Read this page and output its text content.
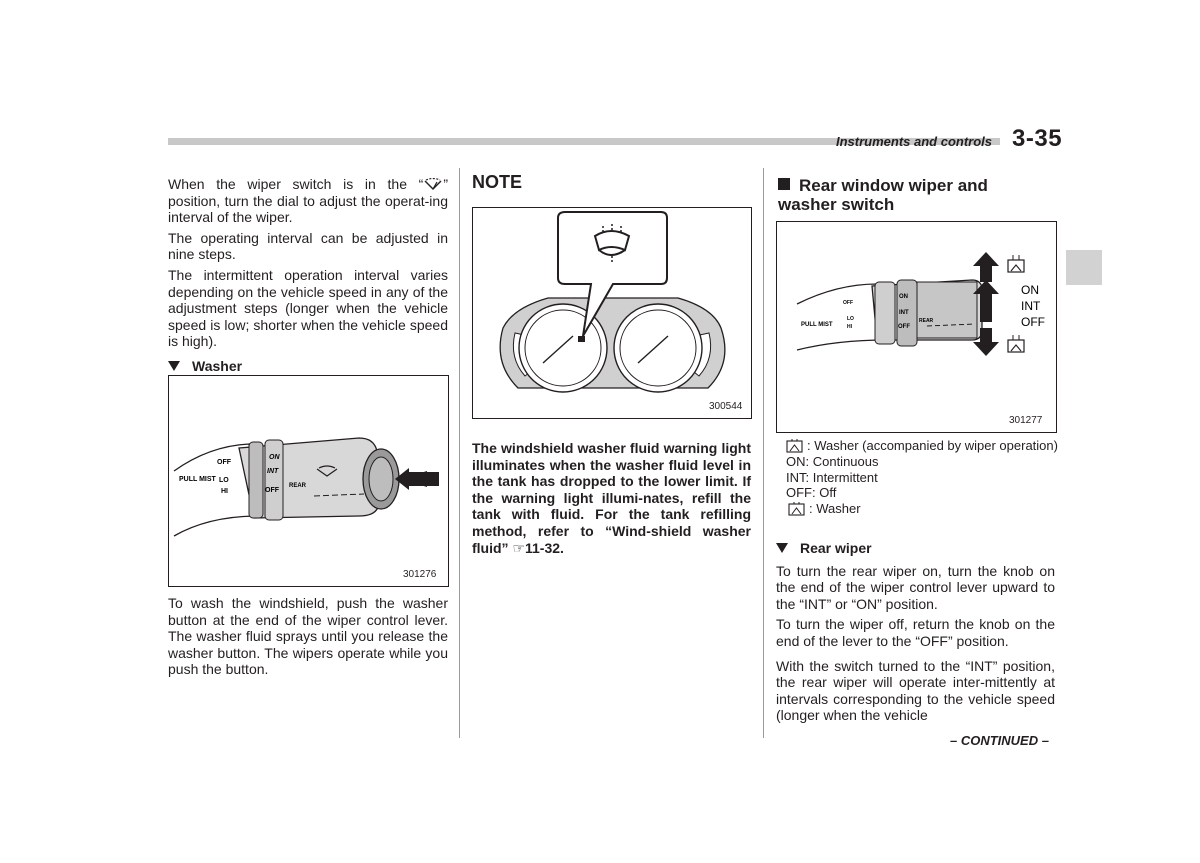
Instruments and controls 3-35

When the wiper switch is in the “ ” position, turn the dial to adjust the operat-ing interval of the wiper.

The operating interval can be adjusted in nine steps.

The intermittent operation interval varies depending on the vehicle speed in any of the adjustment steps (longer when the vehicle speed is low; shorter when the vehicle speed is high).

Washer
PULL MIST
OFF
LO
HI
ON
INT
OFF
REAR
301276

To wash the windshield, push the washer button at the end of the wiper control lever. The washer fluid sprays until you release the washer button. The wipers operate while you push the button.

NOTE
300544

The windshield washer fluid warning light illuminates when the washer fluid level in the tank has dropped to the lower limit. If the warning light illumi-nates, refill the tank with fluid. For the tank refilling method, refer to “Wind-shield washer fluid” ☞11-32.

Rear window wiper and washer switch
ON
INT
OFF
ON
INT
OFF
REAR
PULL MIST
OFF
LO
HI
301277
: Washer (accompanied by wiper operation)
ON: Continuous
INT: Intermittent
OFF: Off
: Washer
Rear wiper

To turn the rear wiper on, turn the knob on the end of the wiper control lever upward to the “INT” or “ON” position.

To turn the wiper off, return the knob on the end of the lever to the “OFF” position.

With the switch turned to the “INT” position, the rear wiper will operate inter-mittently at intervals corresponding to the vehicle speed (longer when the vehicle

– CONTINUED –
